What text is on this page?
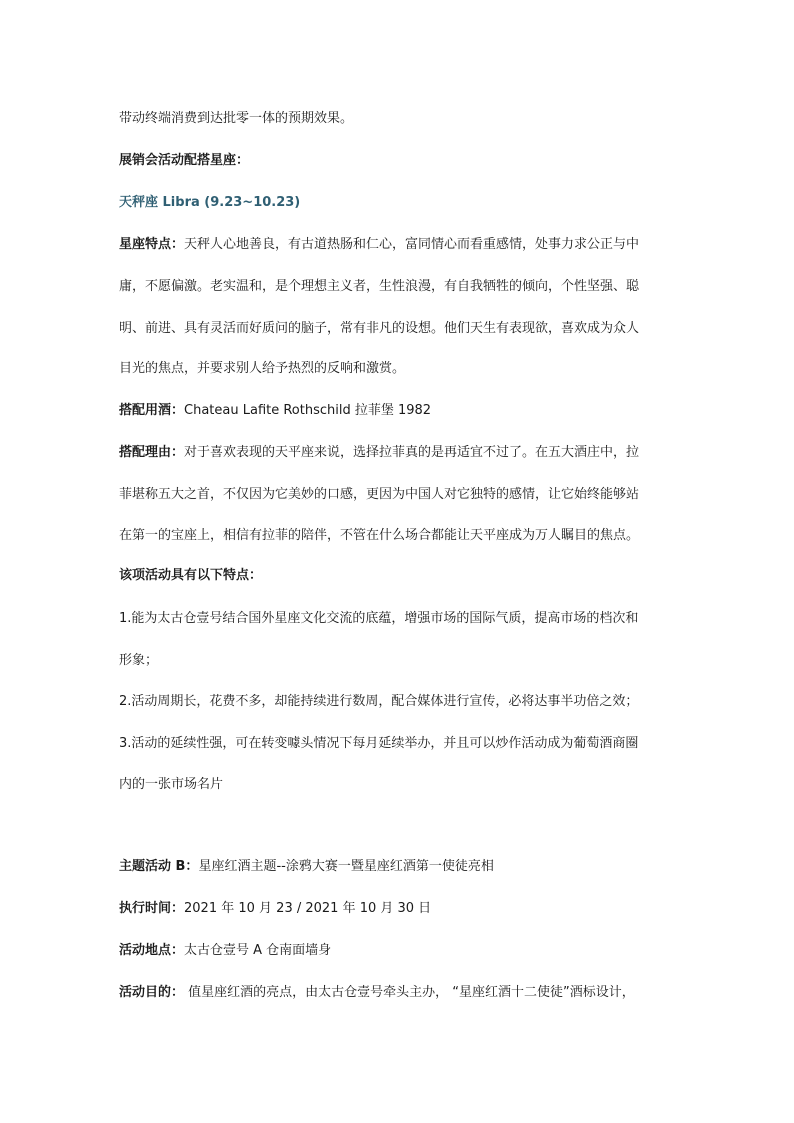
带动终端消费到达批零一体的预期效果。
展销会活动配搭星座：
天秤座 Libra (9.23~10.23)
星座特点：天秤人心地善良，有古道热肠和仁心，富同情心而看重感情，处事力求公正与中
庸，不愿偏激。老实温和，是个理想主义者，生性浪漫，有自我牺牲的倾向，个性坚强、聪
明、前进、具有灵活而好质问的脑子，常有非凡的设想。他们天生有表现欲，喜欢成为众人
目光的焦点，并要求别人给予热烈的反响和激赏。
搭配用酒：Chateau Lafite Rothschild 拉菲堡 1982
搭配理由：对于喜欢表现的天平座来说，选择拉菲真的是再适宜不过了。在五大酒庄中，拉
菲堪称五大之首，不仅因为它美妙的口感，更因为中国人对它独特的感情，让它始终能够站
在第一的宝座上，相信有拉菲的陪伴，不管在什么场合都能让天平座成为万人瞩目的焦点。
该项活动具有以下特点：
1.能为太古仓壹号结合国外星座文化交流的底蕴，增强市场的国际气质，提高市场的档次和
形象；
2.活动周期长，花费不多，却能持续进行数周，配合媒体进行宣传，必将达事半功倍之效；
3.活动的延续性强，可在转变噱头情况下每月延续举办，并且可以炒作活动成为葡萄酒商圈
内的一张市场名片
主题活动 B：星座红酒主题--涂鸦大赛一暨星座红酒第一使徒亮相
执行时间：2021 年 10 月 23 / 2021 年 10 月 30 日
活动地点：太古仓壹号 A 仓南面墙身
活动目的： 值星座红酒的亮点，由太古仓壹号牵头主办， “星座红酒十二使徒”酒标设计，
